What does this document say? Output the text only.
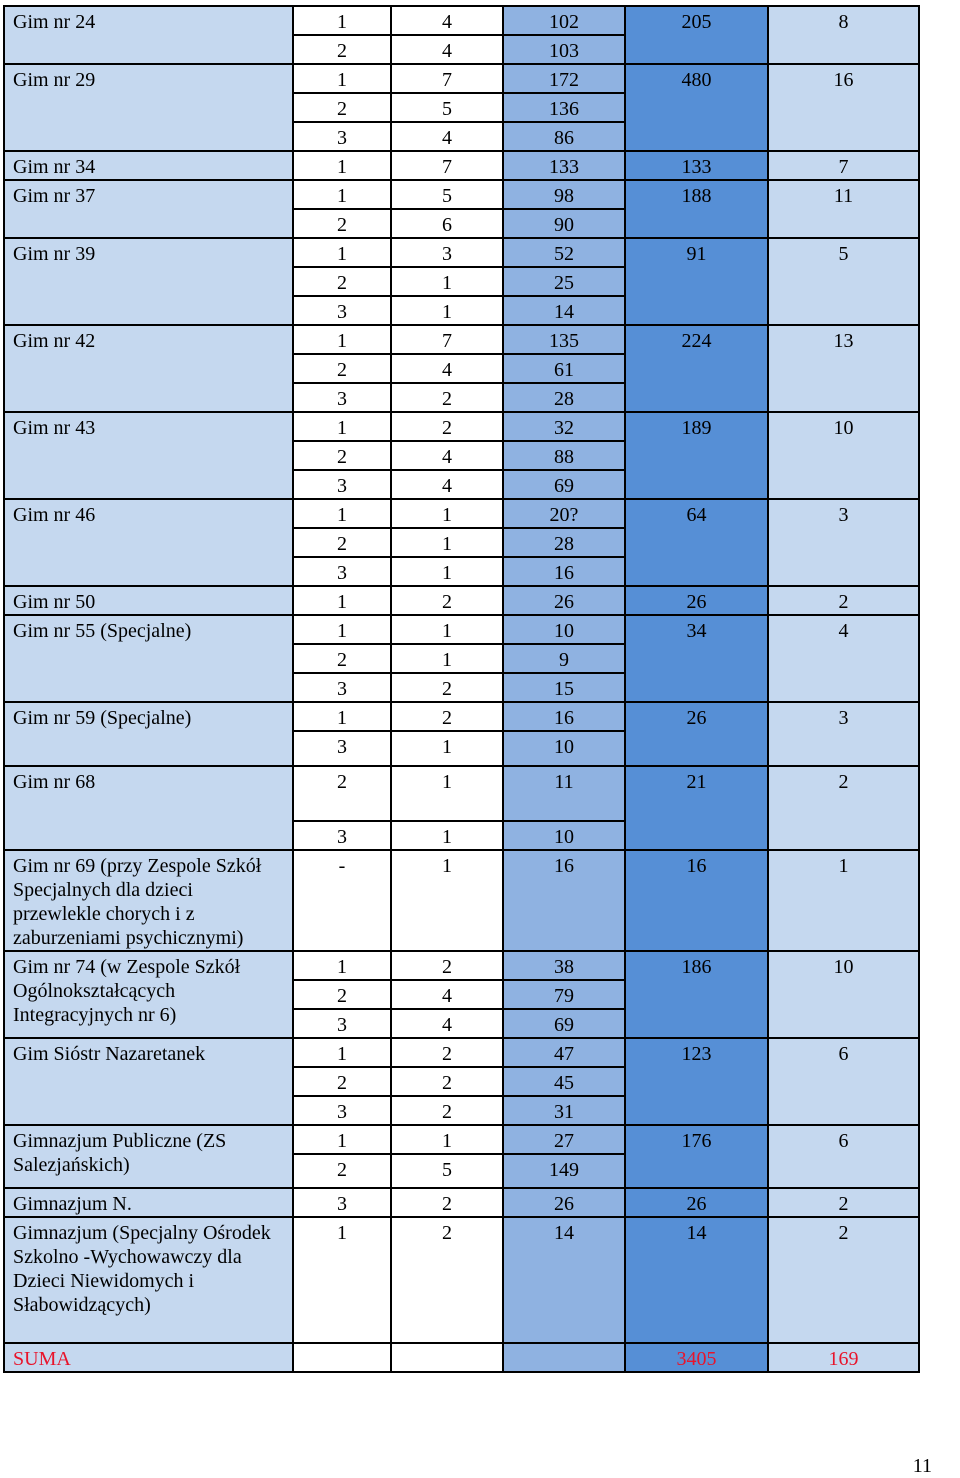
Gim nr 24	1	4	102	205	8
	2	4	103		
Gim nr 29	1	7	172	480	16
	2	5	136		
	3	4	86		
Gim nr 34	1	7	133	133	7
Gim nr 37	1	5	98	188	11
	2	6	90		
Gim nr 39	1	3	52	91	5
	2	1	25		
	3	1	14		
Gim nr 42	1	7	135	224	13
	2	4	61		
	3	2	28		
Gim nr 43	1	2	32	189	10
	2	4	88		
	3	4	69		
Gim nr 46	1	1	20?	64	3
	2	1	28		
	3	1	16		
Gim nr 50	1	2	26	26	2
Gim nr 55 (Specjalne)	1	1	10	34	4
	2	1	9		
	3	2	15		
Gim nr 59 (Specjalne)	1	2	16	26	3
	3	1	10		
Gim nr 68	2	1	11	21	2
	3	1	10		
Gim nr 69 (przy Zespole Szkół Specjalnych dla dzieci przewlekle chorych i z zaburzeniami psychicznymi)	-	1	16	16	1
Gim nr 74 (w Zespole Szkół Ogólnokształcących Integracyjnych nr 6)	1	2	38	186	10
	2	4	79		
	3	4	69		
Gim Sióstr Nazaretanek	1	2	47	123	6
	2	2	45		
	3	2	31		
Gimnazjum Publiczne (ZS Salezjańskich)	1	1	27	176	6
	2	5	149		
Gimnazjum N.	3	2	26	26	2
Gimnazjum (Specjalny Ośrodek Szkolno -Wychowawczy dla Dzieci Niewidomych i Słabowidzących)	1	2	14	14	2
SUMA				3405	169
11
